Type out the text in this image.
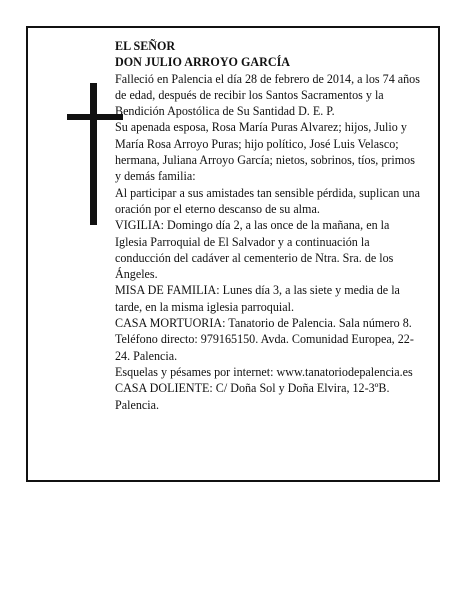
EL SEÑOR

DON JULIO ARROYO GARCÍA

Falleció en Palencia el día 28 de febrero de 2014, a los 74 años de edad, después de recibir los Santos Sacramentos y la Bendición Apostólica de Su Santidad D. E. P.

Su apenada esposa, Rosa María Puras Alvarez; hijos, Julio y María Rosa Arroyo Puras; hijo político, José Luis Velasco; hermana, Juliana Arroyo García; nietos, sobrinos, tíos, primos y demás familia:

Al participar a sus amistades tan sensible pérdida, suplican una oración por el eterno descanso de su alma.

VIGILIA: Domingo día 2, a las once de la mañana, en la Iglesia Parroquial de El Salvador y a continuación la conducción del cadáver al cementerio de Ntra. Sra. de los Ángeles.

MISA DE FAMILIA: Lunes día 3, a las siete y media de la tarde, en la misma iglesia parroquial.

CASA MORTUORIA: Tanatorio de Palencia. Sala número 8. Teléfono directo: 979165150. Avda. Comunidad Europea, 22-24. Palencia.

Esquelas y pésames por internet: www.tanatoriodepalencia.es

CASA DOLIENTE: C/ Doña Sol y Doña Elvira, 12-3ºB. Palencia.
